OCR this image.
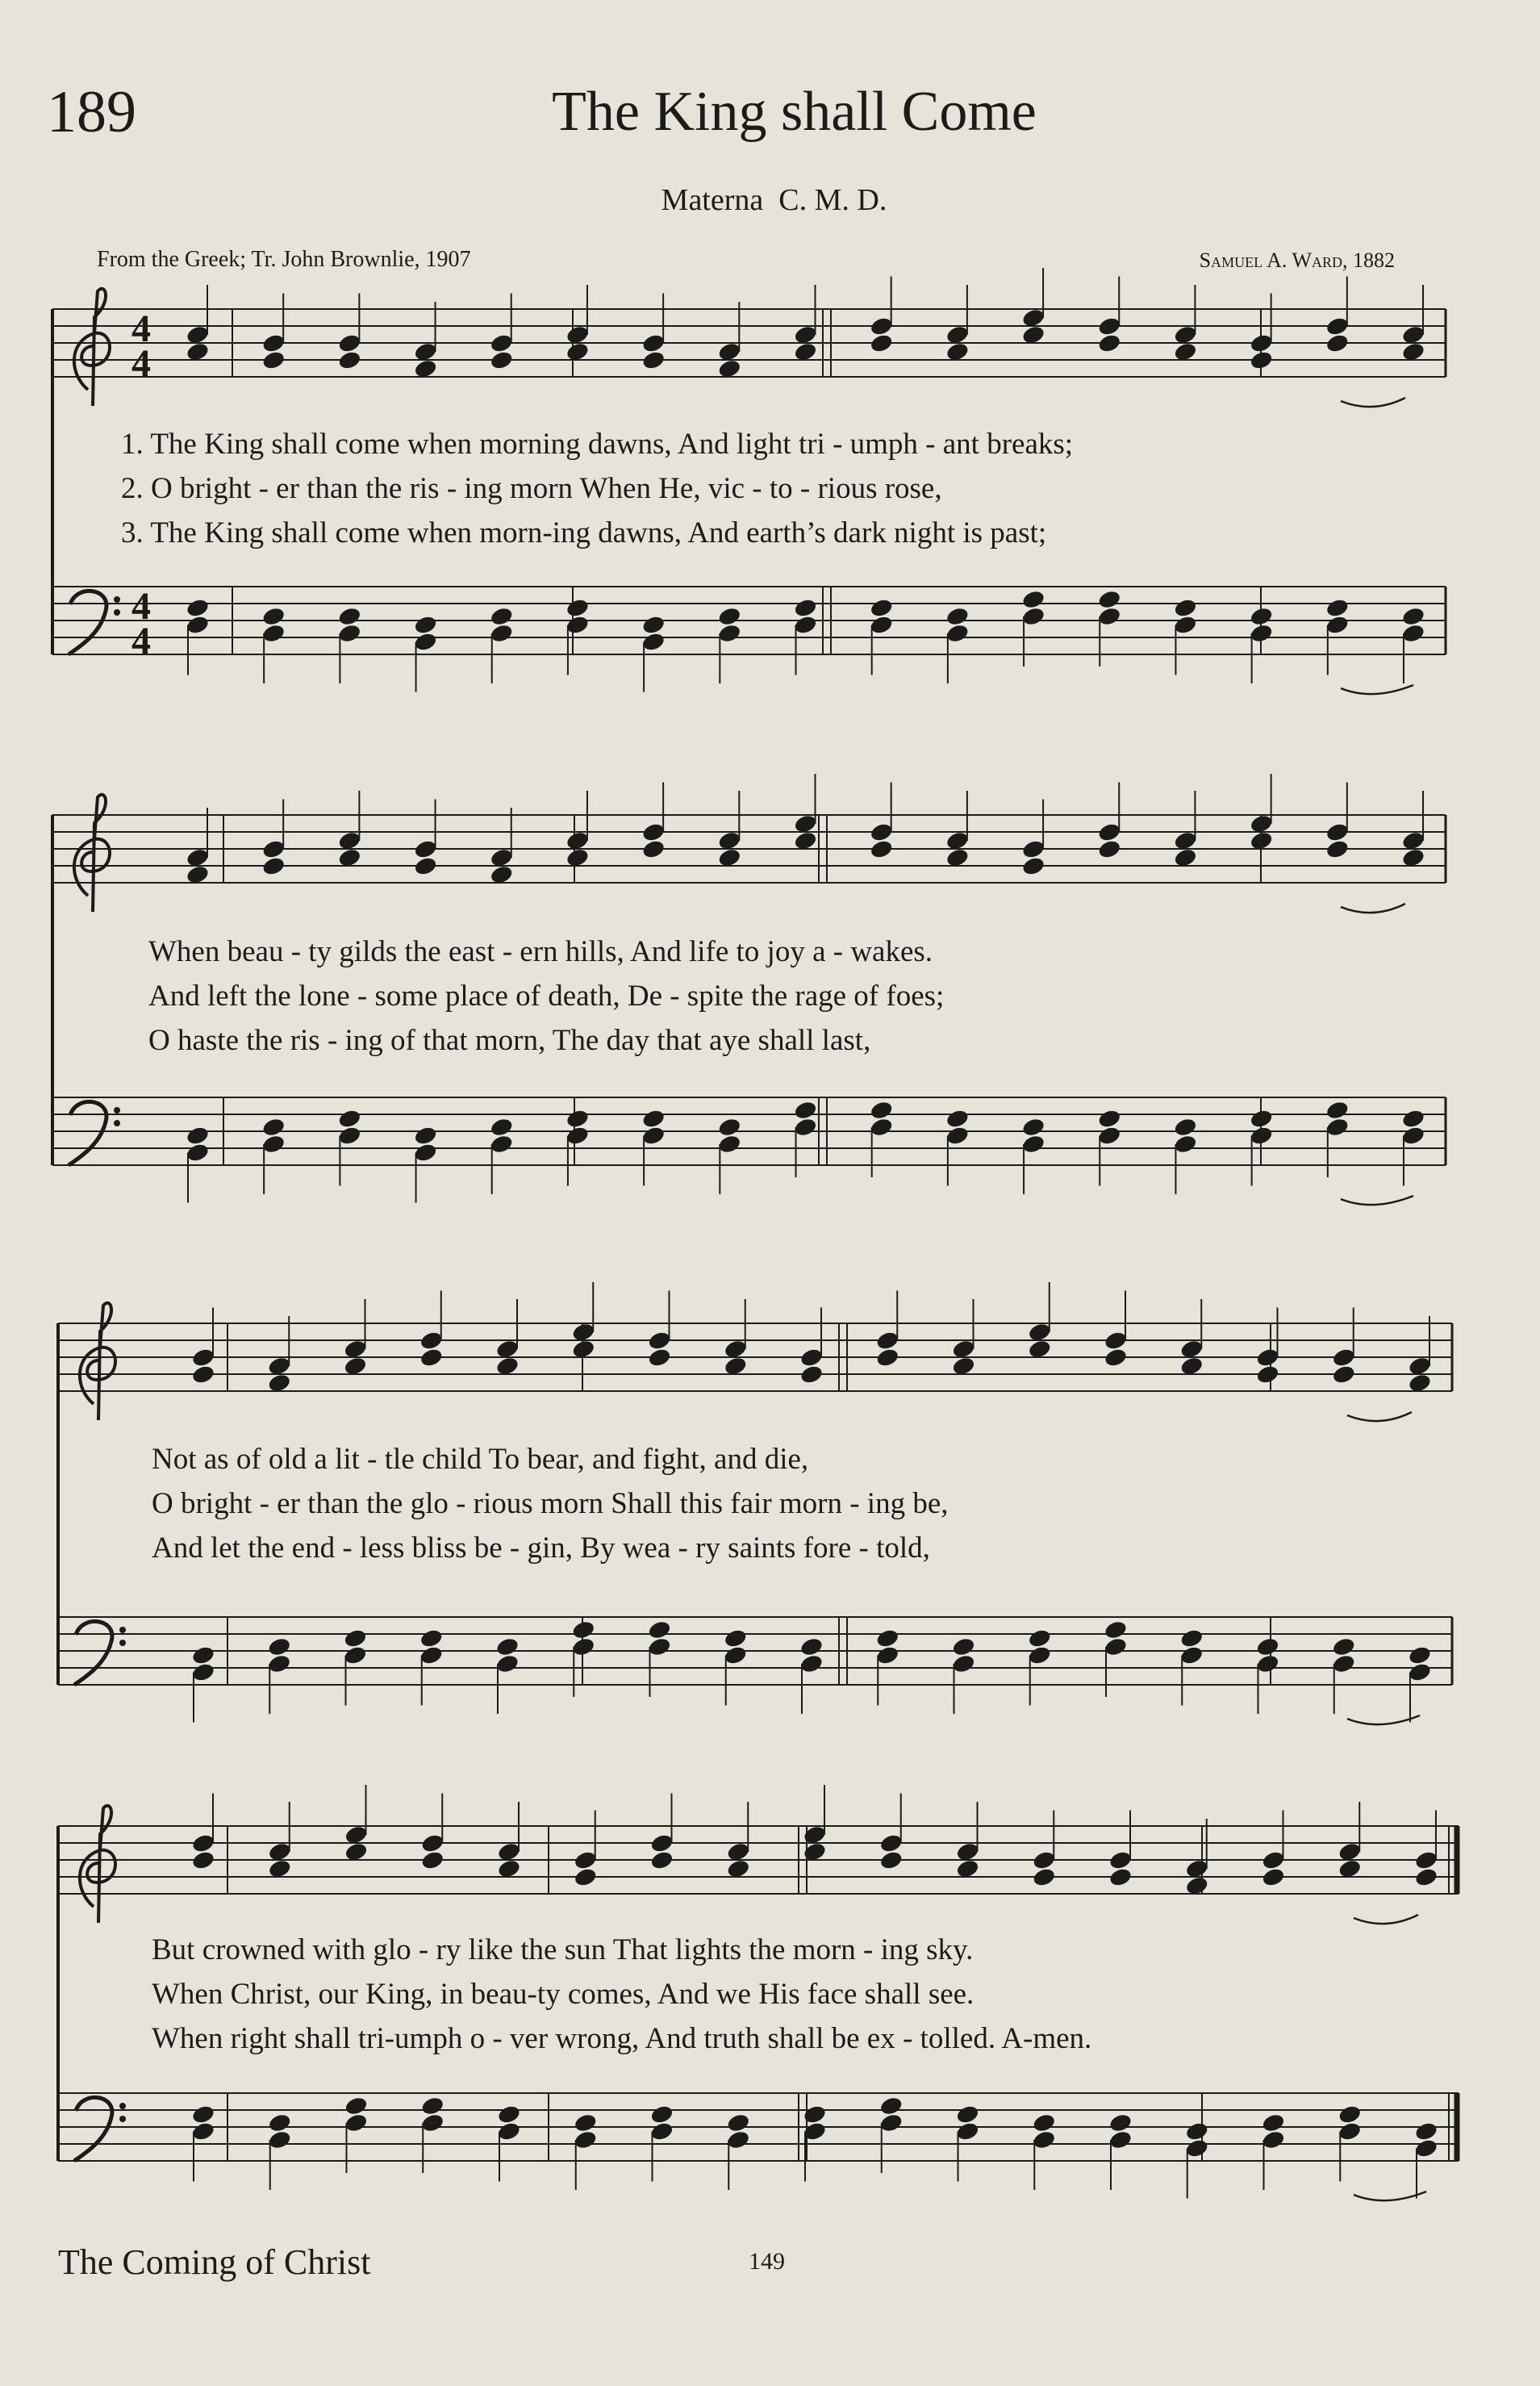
189	The King shall Come
Materna C. M. D.
From the Greek; Tr. John Brownlie, 1907	Samuel A. Ward, 1882
4
4
4
4
1. The King shall come when morning dawns, And light tri - umph - ant breaks;
2. O bright - er than the ris - ing morn When He, vic - to - rious rose,
3. The King shall come when morn-ing dawns, And earth’s dark night is past;
When beau - ty gilds the east - ern hills, And life to joy a - wakes.
And left the lone - some place of death, De - spite the rage of foes;
O haste the ris - ing of that morn, The day that aye shall last,
Not as of old a lit - tle child To bear, and fight, and die,
O bright - er than the glo - rious morn Shall this fair morn - ing be,
And let the end - less bliss be - gin, By wea - ry saints fore - told,
But crowned with glo - ry like the sun That lights the morn - ing sky.
When Christ, our King, in beau-ty comes, And we His face shall see.
When right shall tri-umph o - ver wrong, And truth shall be ex - tolled. A-men.
The Coming of Christ	149
